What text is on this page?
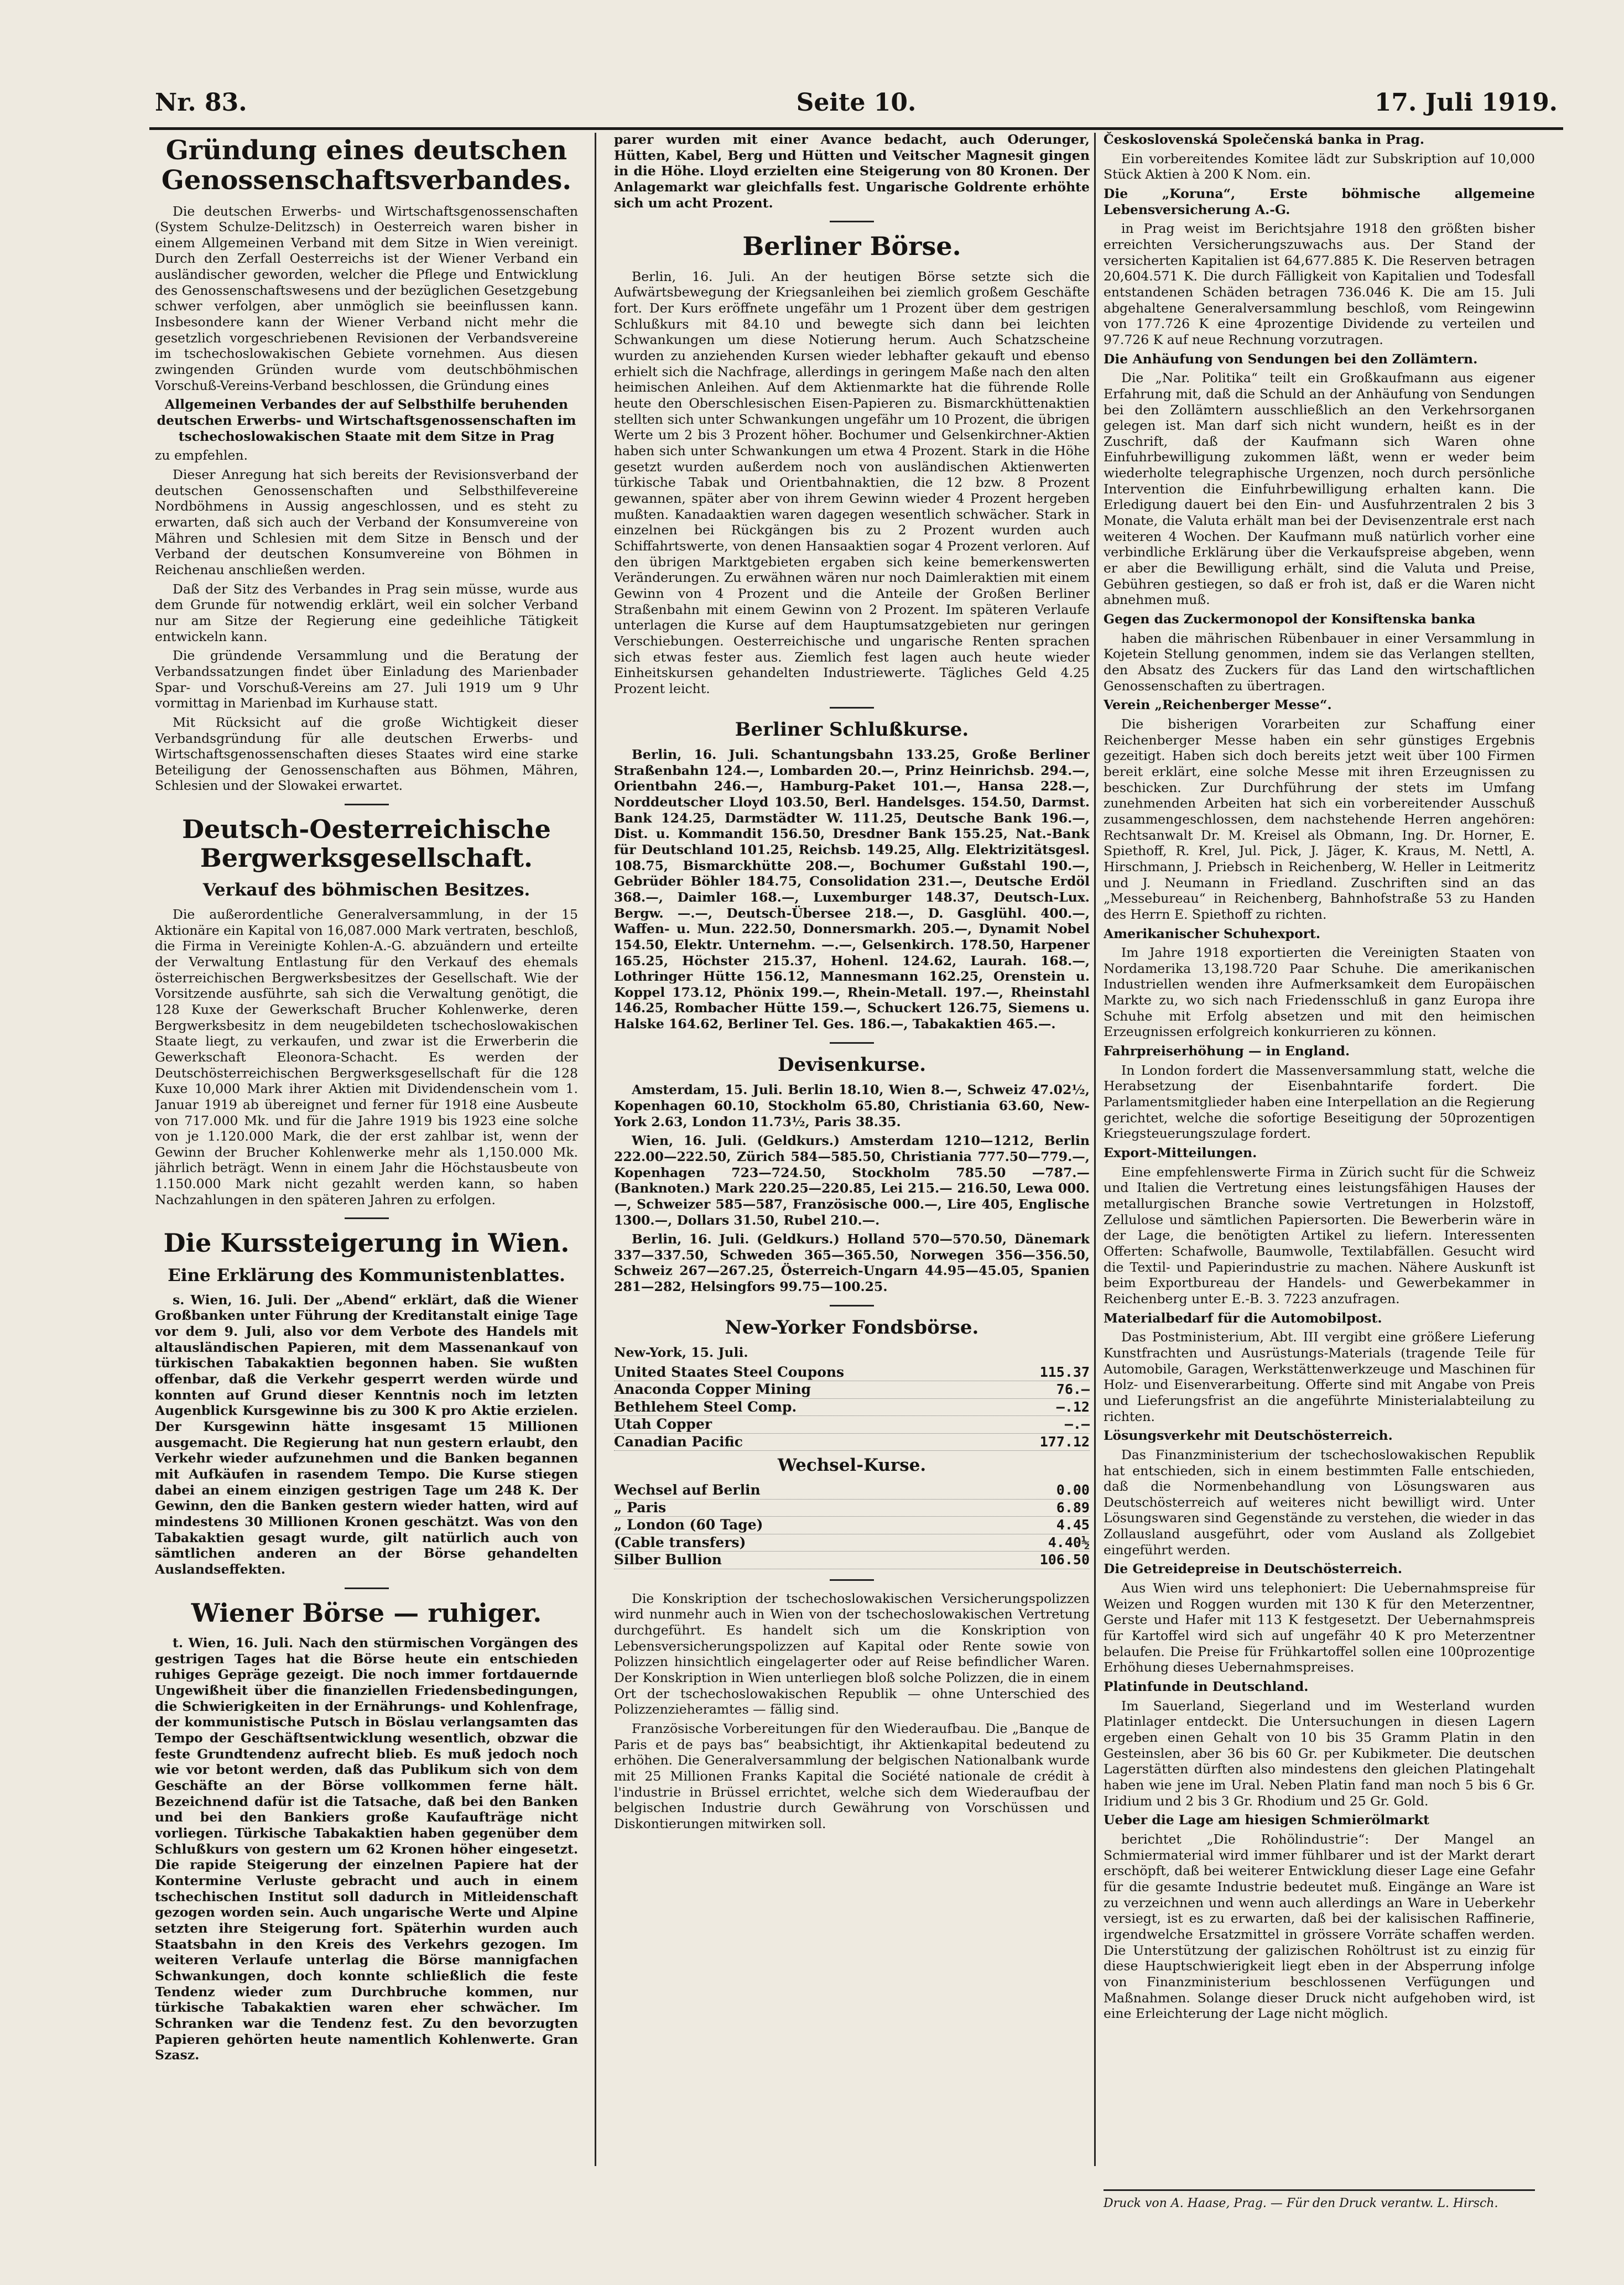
Nr. 83.	Seite 10.	17. Juli 1919.
Gründung eines deutschen Genossenschaftsverbandes.

Die deutschen Erwerbs- und Wirtschaftsgenossenschaften (System Schulze-Delitzsch) in Oesterreich waren bisher in einem Allgemeinen Verband mit dem Sitze in Wien vereinigt. Durch den Zerfall Oesterreichs ist der Wiener Verband ein ausländischer geworden, welcher die Pflege und Entwicklung des Genossenschaftswesens und der bezüglichen Gesetzgebung schwer verfolgen, aber unmöglich sie beeinflussen kann. Insbesondere kann der Wiener Verband nicht mehr die gesetzlich vorgeschriebenen Revisionen der Verbandsvereine im tschechoslowakischen Gebiete vornehmen. Aus diesen zwingenden Gründen wurde vom deutschböhmischen Vorschuß-Vereins-Verband beschlossen, die Gründung eines

Allgemeinen Verbandes der auf Selbsthilfe beruhenden deutschen Erwerbs- und Wirtschaftsgenossenschaften im tschechoslowakischen Staate mit dem Sitze in Prag

zu empfehlen.

Dieser Anregung hat sich bereits der Revisionsverband der deutschen Genossenschaften und Selbsthilfevereine Nordböhmens in Aussig angeschlossen, und es steht zu erwarten, daß sich auch der Verband der Konsumvereine von Mähren und Schlesien mit dem Sitze in Bensch und der Verband der deutschen Konsumvereine von Böhmen in Reichenau anschließen werden.

Daß der Sitz des Verbandes in Prag sein müsse, wurde aus dem Grunde für notwendig erklärt, weil ein solcher Verband nur am Sitze der Regierung eine gedeihliche Tätigkeit entwickeln kann.

Die gründende Versammlung und die Beratung der Verbandssatzungen findet über Einladung des Marienbader Spar- und Vorschuß-Vereins am 27. Juli 1919 um 9 Uhr vormittag in Marienbad im Kurhause statt.

Mit Rücksicht auf die große Wichtigkeit dieser Verbandsgründung für alle deutschen Erwerbs- und Wirtschaftsgenossenschaften dieses Staates wird eine starke Beteiligung der Genossenschaften aus Böhmen, Mähren, Schlesien und der Slowakei erwartet.

Deutsch-Oesterreichische Bergwerksgesellschaft.
Verkauf des böhmischen Besitzes.

Die außerordentliche Generalversammlung, in der 15 Aktionäre ein Kapital von 16,087.000 Mark vertraten, beschloß, die Firma in Vereinigte Kohlen-A.-G. abzuändern und erteilte der Verwaltung Entlastung für den Verkauf des ehemals österreichischen Bergwerksbesitzes der Gesellschaft. Wie der Vorsitzende ausführte, sah sich die Verwaltung genötigt, die 128 Kuxe der Gewerkschaft Brucher Kohlenwerke, deren Bergwerksbesitz in dem neugebildeten tschechoslowakischen Staate liegt, zu verkaufen, und zwar ist die Erwerberin die Gewerkschaft Eleonora-Schacht. Es werden der Deutschösterreichischen Bergwerksgesellschaft für die 128 Kuxe 10,000 Mark ihrer Aktien mit Dividendenschein vom 1. Januar 1919 ab übereignet und ferner für 1918 eine Ausbeute von 717.000 Mk. und für die Jahre 1919 bis 1923 eine solche von je 1.120.000 Mark, die der erst zahlbar ist, wenn der Gewinn der Brucher Kohlenwerke mehr als 1,150.000 Mk. jährlich beträgt. Wenn in einem Jahr die Höchstausbeute von 1.150.000 Mark nicht gezahlt werden kann, so haben Nachzahlungen in den späteren Jahren zu erfolgen.

Die Kurssteigerung in Wien.
Eine Erklärung des Kommunistenblattes.

s. Wien, 16. Juli. Der „Abend“ erklärt, daß die Wiener Großbanken unter Führung der Kreditanstalt einige Tage vor dem 9. Juli, also vor dem Verbote des Handels mit altausländischen Papieren, mit dem Massenankauf von türkischen Tabakaktien begonnen haben. Sie wußten offenbar, daß die Verkehr gesperrt werden würde und konnten auf Grund dieser Kenntnis noch im letzten Augenblick Kursgewinne bis zu 300 K pro Aktie erzielen. Der Kursgewinn hätte insgesamt 15 Millionen ausgemacht. Die Regierung hat nun gestern erlaubt, den Verkehr wieder aufzunehmen und die Banken begannen mit Aufkäufen in rasendem Tempo. Die Kurse stiegen dabei an einem einzigen gestrigen Tage um 248 K. Der Gewinn, den die Banken gestern wieder hatten, wird auf mindestens 30 Millionen Kronen geschätzt. Was von den Tabakaktien gesagt wurde, gilt natürlich auch von sämtlichen anderen an der Börse gehandelten Auslandseffekten.

Wiener Börse — ruhiger.

t. Wien, 16. Juli. Nach den stürmischen Vorgängen des gestrigen Tages hat die Börse heute ein entschieden ruhiges Gepräge gezeigt. Die noch immer fortdauernde Ungewißheit über die finanziellen Friedensbedingungen, die Schwierigkeiten in der Ernährungs- und Kohlenfrage, der kommunistische Putsch in Böslau verlangsamten das Tempo der Geschäftsentwicklung wesentlich, obzwar die feste Grundtendenz aufrecht blieb. Es muß jedoch noch wie vor betont werden, daß das Publikum sich von dem Geschäfte an der Börse vollkommen ferne hält. Bezeichnend dafür ist die Tatsache, daß bei den Banken und bei den Bankiers große Kaufaufträge nicht vorliegen. Türkische Tabakaktien haben gegenüber dem Schlußkurs von gestern um 62 Kronen höher eingesetzt. Die rapide Steigerung der einzelnen Papiere hat der Kontermine Verluste gebracht und auch in einem tschechischen Institut soll dadurch in Mitleidenschaft gezogen worden sein. Auch ungarische Werte und Alpine setzten ihre Steigerung fort. Späterhin wurden auch Staatsbahn in den Kreis des Verkehrs gezogen. Im weiteren Verlaufe unterlag die Börse mannigfachen Schwankungen, doch konnte schließlich die feste Tendenz wieder zum Durchbruche kommen, nur türkische Tabakaktien waren eher schwächer. Im Schranken war die Tendenz fest. Zu den bevorzugten Papieren gehörten heute namentlich Kohlenwerte. Gran Szasz.

parer wurden mit einer Avance bedacht, auch Oderunger, Hütten, Kabel, Berg und Hütten und Veitscher Magnesit gingen in die Höhe. Lloyd erzielten eine Steigerung von 80 Kronen. Der Anlagemarkt war gleichfalls fest. Ungarische Goldrente erhöhte sich um acht Prozent.

Berliner Börse.

Berlin, 16. Juli. An der heutigen Börse setzte sich die Aufwärtsbewegung der Kriegsanleihen bei ziemlich großem Geschäfte fort. Der Kurs eröffnete ungefähr um 1 Prozent über dem gestrigen Schlußkurs mit 84.10 und bewegte sich dann bei leichten Schwankungen um diese Notierung herum. Auch Schatzscheine wurden zu anziehenden Kursen wieder lebhafter gekauft und ebenso erhielt sich die Nachfrage, allerdings in geringem Maße nach den alten heimischen Anleihen. Auf dem Aktienmarkte hat die führende Rolle heute den Oberschlesischen Eisen-Papieren zu. Bismarckhüttenaktien stellten sich unter Schwankungen ungefähr um 10 Prozent, die übrigen Werte um 2 bis 3 Prozent höher. Bochumer und Gelsenkirchner-Aktien haben sich unter Schwankungen um etwa 4 Prozent. Stark in die Höhe gesetzt wurden außerdem noch von ausländischen Aktienwerten türkische Tabak und Orientbahnaktien, die 12 bzw. 8 Prozent gewannen, später aber von ihrem Gewinn wieder 4 Prozent hergeben mußten. Kanadaaktien waren dagegen wesentlich schwächer. Stark in einzelnen bei Rückgängen bis zu 2 Prozent wurden auch Schiffahrtswerte, von denen Hansaaktien sogar 4 Prozent verloren. Auf den übrigen Marktgebieten ergaben sich keine bemerkenswerten Veränderungen. Zu erwähnen wären nur noch Daimleraktien mit einem Gewinn von 4 Prozent und die Anteile der Großen Berliner Straßenbahn mit einem Gewinn von 2 Prozent. Im späteren Verlaufe unterlagen die Kurse auf dem Hauptumsatzgebieten nur geringen Verschiebungen. Oesterreichische und ungarische Renten sprachen sich etwas fester aus. Ziemlich fest lagen auch heute wieder Einheitskursen gehandelten Industriewerte. Tägliches Geld 4.25 Prozent leicht.

Berliner Schlußkurse.

Berlin, 16. Juli. Schantungsbahn 133.25, Große Berliner Straßenbahn 124.—, Lombarden 20.—, Prinz Heinrichsb. 294.—, Orientbahn 246.—, Hamburg-Paket 101.—, Hansa 228.—, Norddeutscher Lloyd 103.50, Berl. Handelsges. 154.50, Darmst. Bank 124.25, Darmstädter W. 111.25, Deutsche Bank 196.—, Dist. u. Kommandit 156.50, Dresdner Bank 155.25, Nat.-Bank für Deutschland 101.25, Reichsb. 149.25, Allg. Elektrizitätsgesl. 108.75, Bismarckhütte 208.—, Bochumer Gußstahl 190.—, Gebrüder Böhler 184.75, Consolidation 231.—, Deutsche Erdöl 368.—, Daimler 168.—, Luxemburger 148.37, Deutsch-Lux. Bergw. —.—, Deutsch-Übersee 218.—, D. Gasglühl. 400.—, Waffen- u. Mun. 222.50, Donnersmarkh. 205.—, Dynamit Nobel 154.50, Elektr. Unternehm. —.—, Gelsenkirch. 178.50, Harpener 165.25, Höchster 215.37, Hohenl. 124.62, Laurah. 168.—, Lothringer Hütte 156.12, Mannesmann 162.25, Orenstein u. Koppel 173.12, Phönix 199.—, Rhein-Metall. 197.—, Rheinstahl 146.25, Rombacher Hütte 159.—, Schuckert 126.75, Siemens u. Halske 164.62, Berliner Tel. Ges. 186.—, Tabakaktien 465.—.

Devisenkurse.

Amsterdam, 15. Juli. Berlin 18.10, Wien 8.—, Schweiz 47.02½, Kopenhagen 60.10, Stockholm 65.80, Christiania 63.60, New-York 2.63, London 11.73½, Paris 38.35.

Wien, 16. Juli. (Geldkurs.) Amsterdam 1210—1212, Berlin 222.00—222.50, Zürich 584—585.50, Christiania 777.50—779.—, Kopenhagen 723—724.50, Stockholm 785.50 —787.— (Banknoten.) Mark 220.25—220.85, Lei 215.— 216.50, Lewa 000.—, Schweizer 585—587, Französische 000.—, Lire 405, Englische 1300.—, Dollars 31.50, Rubel 210.—.

Berlin, 16. Juli. (Geldkurs.) Holland 570—570.50, Dänemark 337—337.50, Schweden 365—365.50, Norwegen 356—356.50, Schweiz 267—267.25, Österreich-Ungarn 44.95—45.05, Spanien 281—282, Helsingfors 99.75—100.25.

New-Yorker Fondsbörse.

New-York, 15. Juli.

United Staates Steel Coupons	115.37
Anaconda Copper Mining	76.—
Bethlehem Steel Comp.	—.12
Utah Copper	—.—
Canadian Pacific	177.12
Wechsel-Kurse.
Wechsel auf Berlin	0.00
„ Paris	6.89
„ London (60 Tage)	4.45
(Cable transfers)	4.40½
Silber Bullion	106.50

Die Konskription der tschechoslowakischen Versicherungspolizzen wird nunmehr auch in Wien von der tschechoslowakischen Vertretung durchgeführt. Es handelt sich um die Konskription von Lebensversicherungspolizzen auf Kapital oder Rente sowie von Polizzen hinsichtlich eingelagerter oder auf Reise befindlicher Waren. Der Konskription in Wien unterliegen bloß solche Polizzen, die in einem Ort der tschechoslowakischen Republik — ohne Unterschied des Polizzenzieheramtes — fällig sind.

Französische Vorbereitungen für den Wiederaufbau. Die „Banque de Paris et de pays bas“ beabsichtigt, ihr Aktienkapital bedeutend zu erhöhen. Die Generalversammlung der belgischen Nationalbank wurde mit 25 Millionen Franks Kapital die Société nationale de crédit à l'industrie in Brüssel errichtet, welche sich dem Wiederaufbau der belgischen Industrie durch Gewährung von Vorschüssen und Diskontierungen mitwirken soll.

Československá Společenská banka in Prag.

Ein vorbereitendes Komitee lädt zur Subskription auf 10,000 Stück Aktien à 200 K Nom. ein.

Die „Koruna“, Erste böhmische allgemeine Lebensversicherung A.-G.

in Prag weist im Berichtsjahre 1918 den größten bisher erreichten Versicherungszuwachs aus. Der Stand der versicherten Kapitalien ist 64,677.885 K. Die Reserven betragen 20,604.571 K. Die durch Fälligkeit von Kapitalien und Todesfall entstandenen Schäden betragen 736.046 K. Die am 15. Juli abgehaltene Generalversammlung beschloß, vom Reingewinn von 177.726 K eine 4prozentige Dividende zu verteilen und 97.726 K auf neue Rechnung vorzutragen.

Die Anhäufung von Sendungen bei den Zollämtern.

Die „Nar. Politika“ teilt ein Großkaufmann aus eigener Erfahrung mit, daß die Schuld an der Anhäufung von Sendungen bei den Zollämtern ausschließlich an den Verkehrsorganen gelegen ist. Man darf sich nicht wundern, heißt es in der Zuschrift, daß der Kaufmann sich Waren ohne Einfuhrbewilligung zukommen läßt, wenn er weder beim wiederholte telegraphische Urgenzen, noch durch persönliche Intervention die Einfuhrbewilligung erhalten kann. Die Erledigung dauert bei den Ein- und Ausfuhrzentralen 2 bis 3 Monate, die Valuta erhält man bei der Devisenzentrale erst nach weiteren 4 Wochen. Der Kaufmann muß natürlich vorher eine verbindliche Erklärung über die Verkaufspreise abgeben, wenn er aber die Bewilligung erhält, sind die Valuta und Preise, Gebühren gestiegen, so daß er froh ist, daß er die Waren nicht abnehmen muß.

Gegen das Zuckermonopol der Konsiftenska banka

haben die mährischen Rübenbauer in einer Versammlung in Kojetein Stellung genommen, indem sie das Verlangen stellten, den Absatz des Zuckers für das Land den wirtschaftlichen Genossenschaften zu übertragen.

Verein „Reichenberger Messe“.

Die bisherigen Vorarbeiten zur Schaffung einer Reichenberger Messe haben ein sehr günstiges Ergebnis gezeitigt. Haben sich doch bereits jetzt weit über 100 Firmen bereit erklärt, eine solche Messe mit ihren Erzeugnissen zu beschicken. Zur Durchführung der stets im Umfang zunehmenden Arbeiten hat sich ein vorbereitender Ausschuß zusammengeschlossen, dem nachstehende Herren angehören: Rechtsanwalt Dr. M. Kreisel als Obmann, Ing. Dr. Horner, E. Spiethoff, R. Krel, Jul. Pick, J. Jäger, K. Kraus, M. Nettl, A. Hirschmann, J. Priebsch in Reichenberg, W. Heller in Leitmeritz und J. Neumann in Friedland. Zuschriften sind an das „Messebureau“ in Reichenberg, Bahnhofstraße 53 zu Handen des Herrn E. Spiethoff zu richten.

Amerikanischer Schuhexport.

Im Jahre 1918 exportierten die Vereinigten Staaten von Nordamerika 13,198.720 Paar Schuhe. Die amerikanischen Industriellen wenden ihre Aufmerksamkeit dem Europäischen Markte zu, wo sich nach Friedensschluß in ganz Europa ihre Schuhe mit Erfolg absetzen und mit den heimischen Erzeugnissen erfolgreich konkurrieren zu können.

Fahrpreiserhöhung — in England.

In London fordert die Massenversammlung statt, welche die Herabsetzung der Eisenbahntarife fordert. Die Parlamentsmitglieder haben eine Interpellation an die Regierung gerichtet, welche die sofortige Beseitigung der 50prozentigen Kriegsteuerungszulage fordert.

Export-Mitteilungen.

Eine empfehlenswerte Firma in Zürich sucht für die Schweiz und Italien die Vertretung eines leistungsfähigen Hauses der metallurgischen Branche sowie Vertretungen in Holzstoff, Zellulose und sämtlichen Papiersorten. Die Bewerberin wäre in der Lage, die benötigten Artikel zu liefern. Interessenten Offerten: Schafwolle, Baumwolle, Textilabfällen. Gesucht wird die Textil- und Papierindustrie zu machen. Nähere Auskunft ist beim Exportbureau der Handels- und Gewerbekammer in Reichenberg unter E.-B. 3. 7223 anzufragen.

Materialbedarf für die Automobilpost.

Das Postministerium, Abt. III vergibt eine größere Lieferung Kunstfrachten und Ausrüstungs-Materials (tragende Teile für Automobile, Garagen, Werkstättenwerkzeuge und Maschinen für Holz- und Eisenverarbeitung. Offerte sind mit Angabe von Preis und Lieferungsfrist an die angeführte Ministerialabteilung zu richten.

Lösungsverkehr mit Deutschösterreich.

Das Finanzministerium der tschechoslowakischen Republik hat entschieden, sich in einem bestimmten Falle entschieden, daß die Normenbehandlung von Lösungswaren aus Deutschösterreich auf weiteres nicht bewilligt wird. Unter Lösungswaren sind Gegenstände zu verstehen, die wieder in das Zollausland ausgeführt, oder vom Ausland als Zollgebiet eingeführt werden.

Die Getreidepreise in Deutschösterreich.

Aus Wien wird uns telephoniert: Die Uebernahmspreise für Weizen und Roggen wurden mit 130 K für den Meterzentner, Gerste und Hafer mit 113 K festgesetzt. Der Uebernahmspreis für Kartoffel wird sich auf ungefähr 40 K pro Meterzentner belaufen. Die Preise für Frühkartoffel sollen eine 100prozentige Erhöhung dieses Uebernahmspreises.

Platinfunde in Deutschland.

Im Sauerland, Siegerland und im Westerland wurden Platinlager entdeckt. Die Untersuchungen in diesen Lagern ergeben einen Gehalt von 10 bis 35 Gramm Platin in den Gesteinslen, aber 36 bis 60 Gr. per Kubikmeter. Die deutschen Lagerstätten dürften also mindestens den gleichen Platingehalt haben wie jene im Ural. Neben Platin fand man noch 5 bis 6 Gr. Iridium und 2 bis 3 Gr. Rhodium und 25 Gr. Gold.

Ueber die Lage am hiesigen Schmierölmarkt

berichtet „Die Rohölindustrie“: Der Mangel an Schmiermaterial wird immer fühlbarer und ist der Markt derart erschöpft, daß bei weiterer Entwicklung dieser Lage eine Gefahr für die gesamte Industrie bedeutet muß. Eingänge an Ware ist zu verzeichnen und wenn auch allerdings an Ware in Ueberkehr versiegt, ist es zu erwarten, daß bei der kalisischen Raffinerie, irgendwelche Ersatzmittel in grössere Vorräte schaffen werden. Die Unterstützung der galizischen Rohöltrust ist zu einzig für diese Hauptschwierigkeit liegt eben in der Absperrung infolge von Finanzministerium beschlossenen Verfügungen und Maßnahmen. Solange dieser Druck nicht aufgehoben wird, ist eine Erleichterung der Lage nicht möglich.

Druck von A. Haase, Prag. — Für den Druck verantw. L. Hirsch.
